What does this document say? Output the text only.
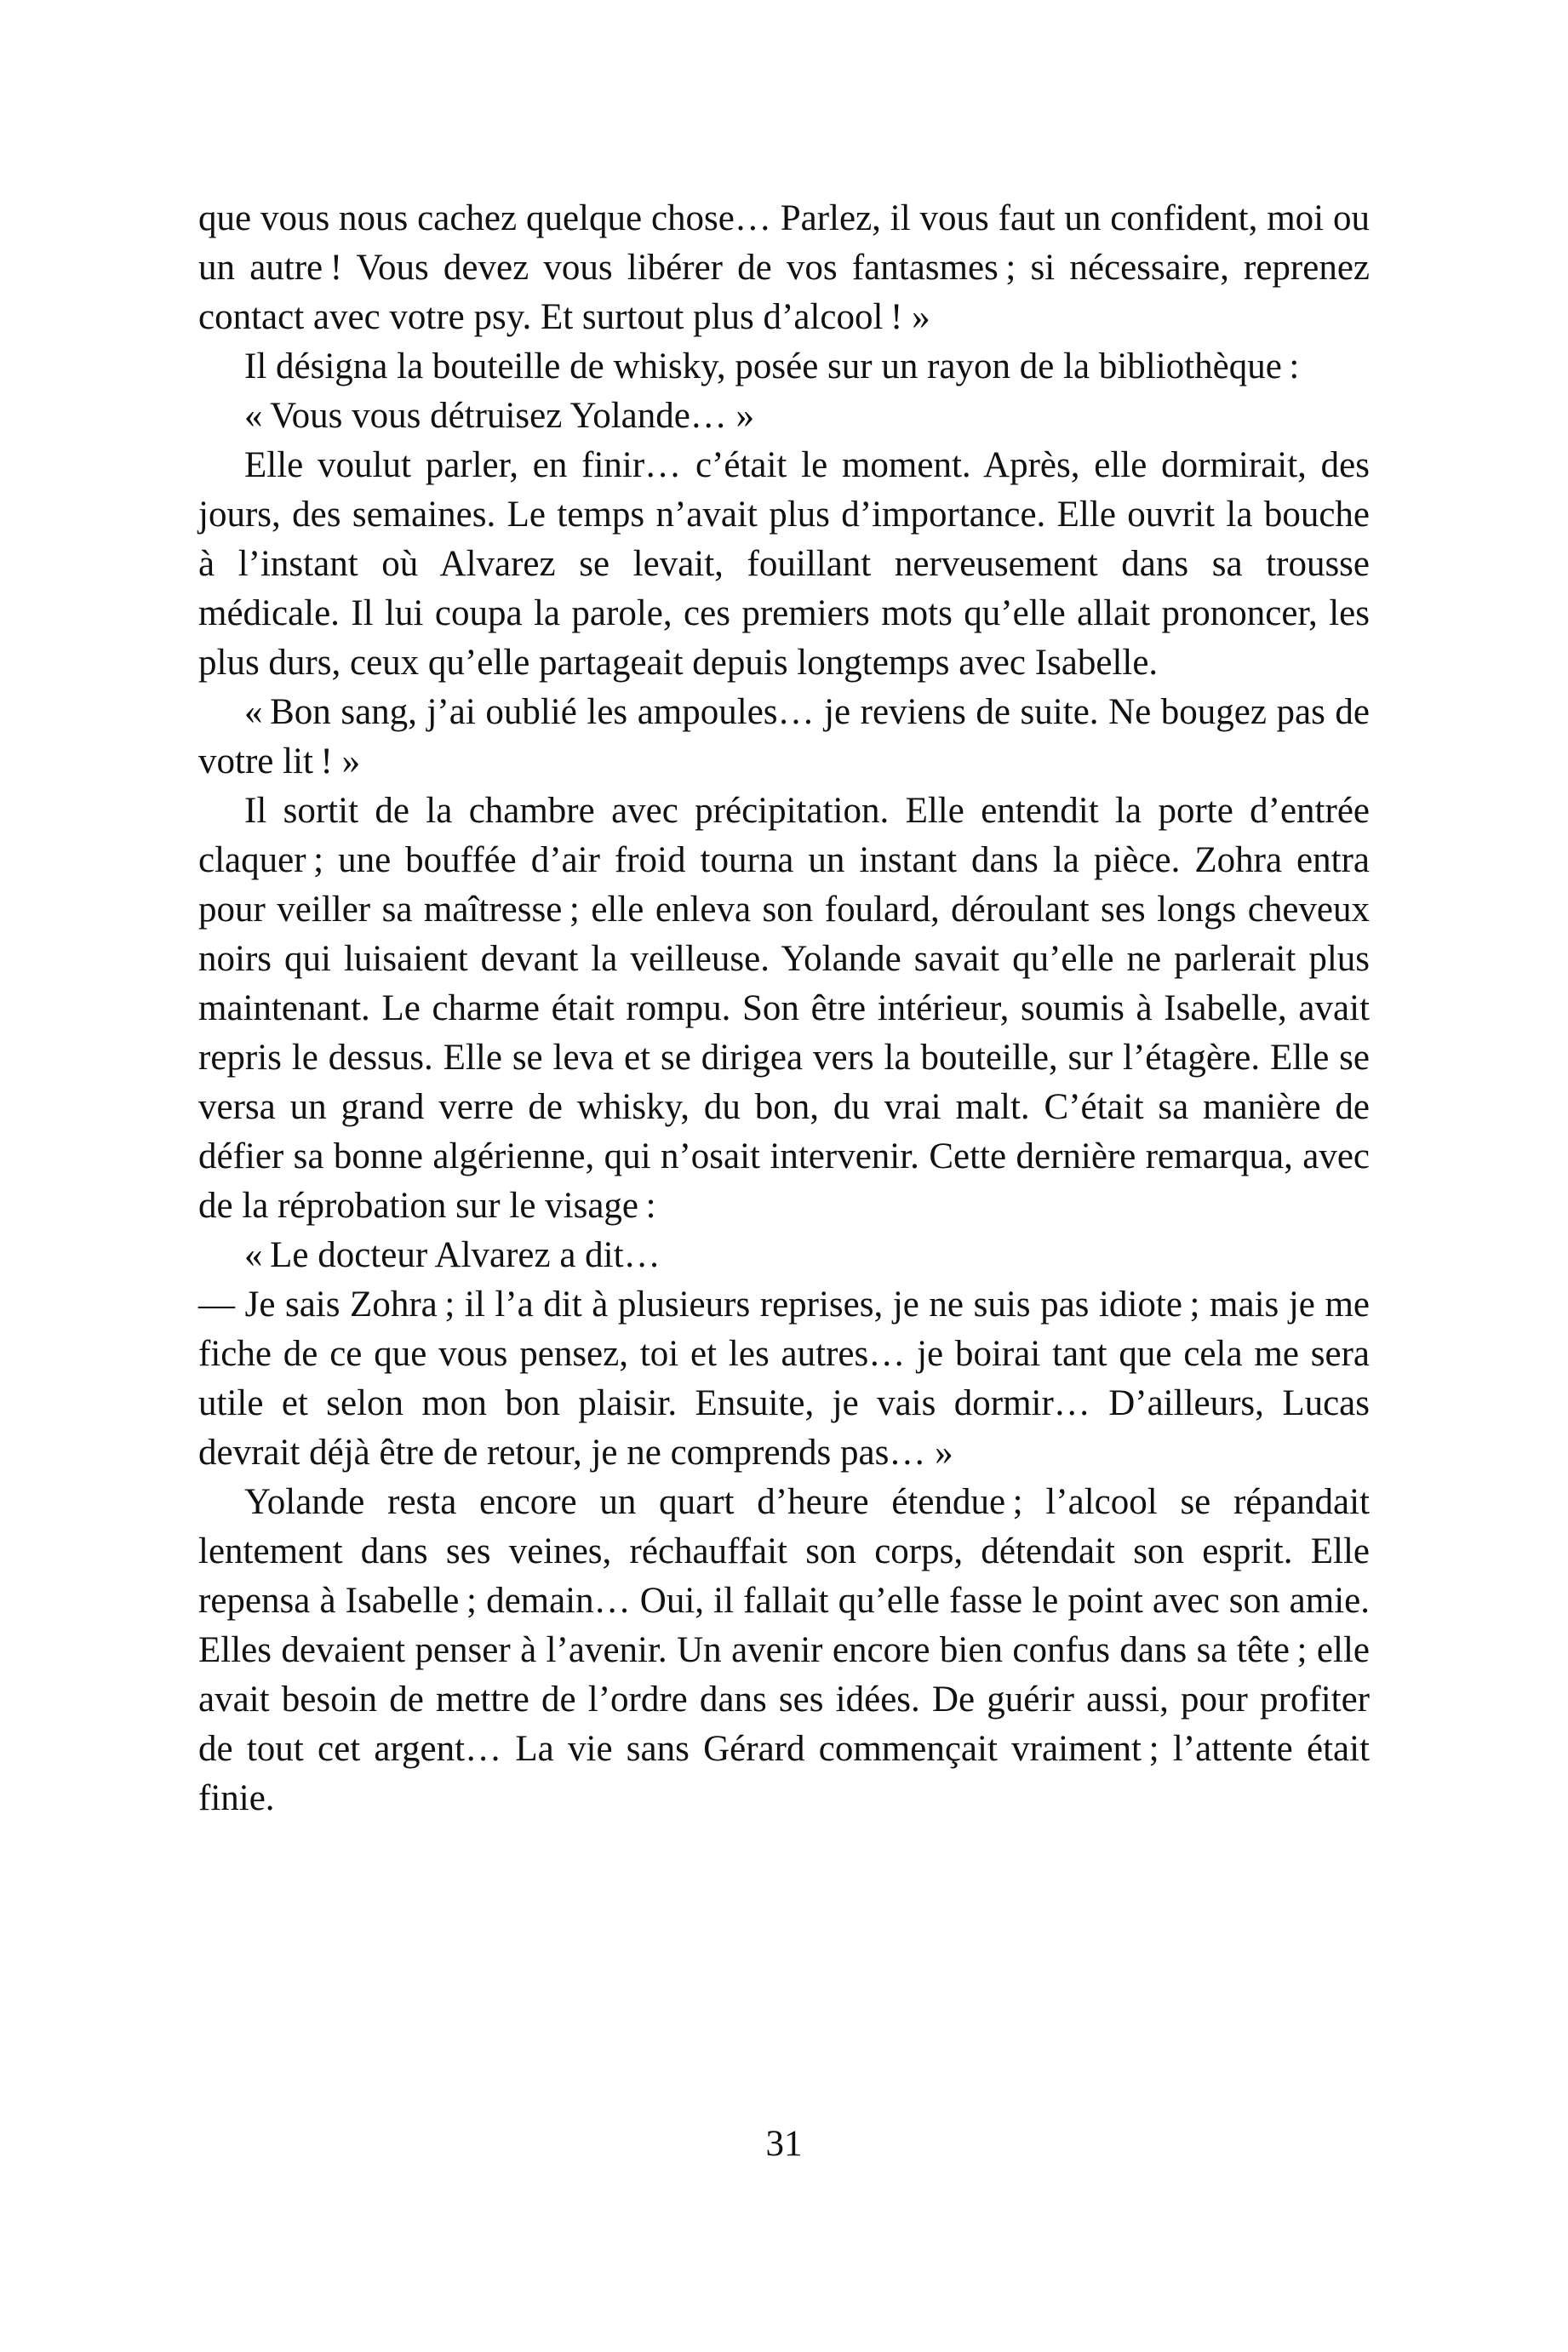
que vous nous cachez quelque chose… Parlez, il vous faut un confident, moi ou un autre ! Vous devez vous libérer de vos fantasmes ; si nécessaire, reprenez contact avec votre psy. Et surtout plus d’alcool ! »

Il désigna la bouteille de whisky, posée sur un rayon de la bibliothèque :

« Vous vous détruisez Yolande… »

Elle voulut parler, en finir… c’était le moment. Après, elle dormirait, des jours, des semaines. Le temps n’avait plus d’importance. Elle ouvrit la bouche à l’instant où Alvarez se levait, fouillant nerveusement dans sa trousse médicale. Il lui coupa la parole, ces premiers mots qu’elle allait prononcer, les plus durs, ceux qu’elle partageait depuis longtemps avec Isabelle.

« Bon sang, j’ai oublié les ampoules… je reviens de suite. Ne bougez pas de votre lit ! »

Il sortit de la chambre avec précipitation. Elle entendit la porte d’entrée claquer ; une bouffée d’air froid tourna un instant dans la pièce. Zohra entra pour veiller sa maîtresse ; elle enleva son foulard, déroulant ses longs cheveux noirs qui luisaient devant la veilleuse. Yolande savait qu’elle ne parlerait plus maintenant. Le charme était rompu. Son être intérieur, soumis à Isabelle, avait repris le dessus. Elle se leva et se dirigea vers la bouteille, sur l’étagère. Elle se versa un grand verre de whisky, du bon, du vrai malt. C’était sa manière de défier sa bonne algérienne, qui n’osait intervenir. Cette dernière remarqua, avec de la réprobation sur le visage :

« Le docteur Alvarez a dit…

— Je sais Zohra ; il l’a dit à plusieurs reprises, je ne suis pas idiote ; mais je me fiche de ce que vous pensez, toi et les autres… je boirai tant que cela me sera utile et selon mon bon plaisir. Ensuite, je vais dormir… D’ailleurs, Lucas devrait déjà être de retour, je ne comprends pas… »

Yolande resta encore un quart d’heure étendue ; l’alcool se répandait lentement dans ses veines, réchauffait son corps, détendait son esprit. Elle repensa à Isabelle ; demain… Oui, il fallait qu’elle fasse le point avec son amie. Elles devaient penser à l’avenir. Un avenir encore bien confus dans sa tête ; elle avait besoin de mettre de l’ordre dans ses idées. De guérir aussi, pour profiter de tout cet argent… La vie sans Gérard commençait vraiment ; l’attente était finie.

31
